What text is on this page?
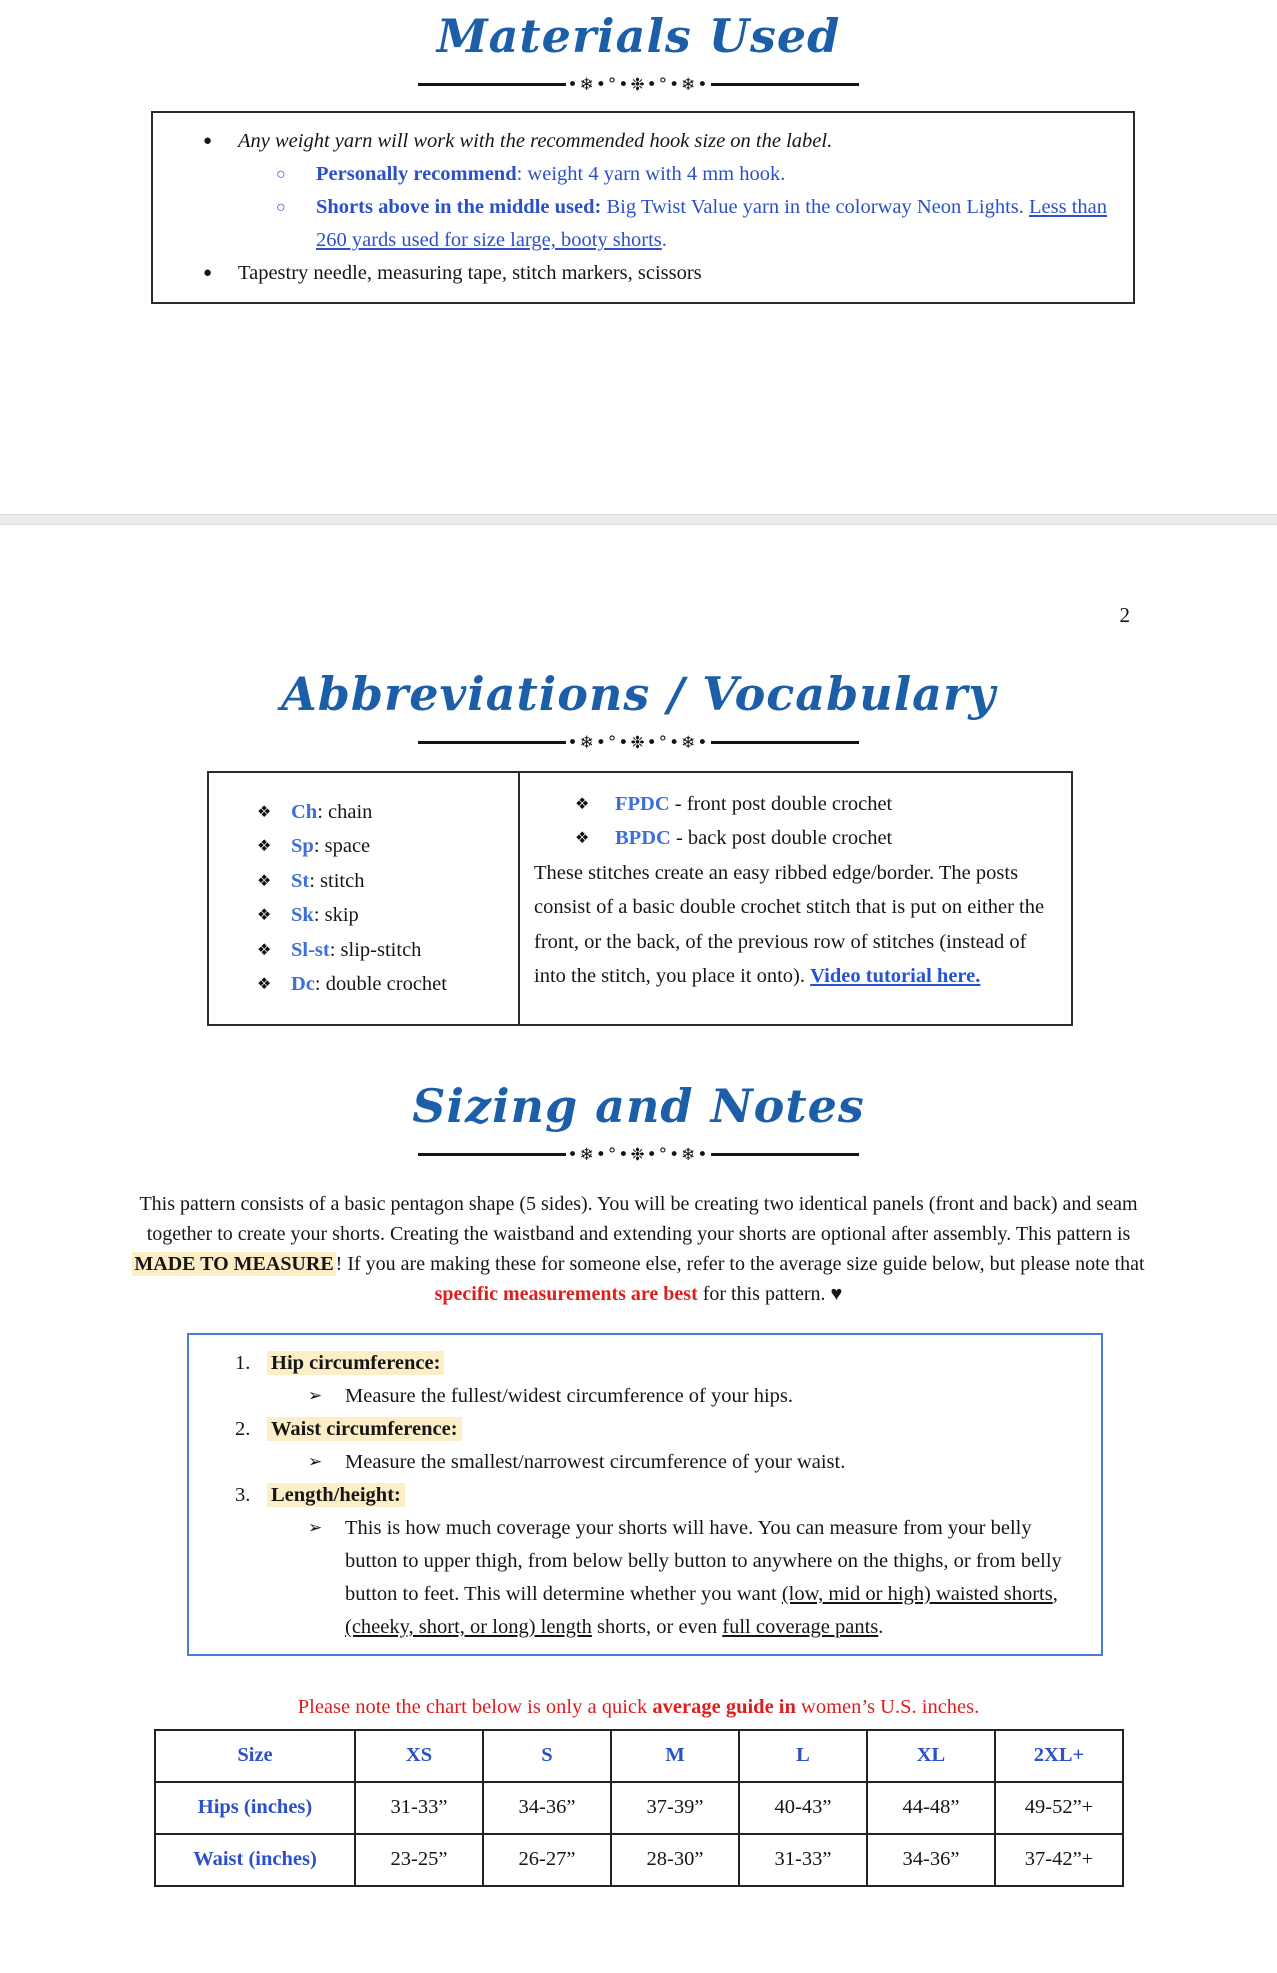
Materials Used
•❄•°•❉•°•❄•
●	Any weight yarn will work with the recommended hook size on the label.
○	Personally recommend: weight 4 yarn with 4 mm hook.
○	Shorts above in the middle used: Big Twist Value yarn in the colorway Neon Lights. Less than 260 yards used for size large, booty shorts.
●	Tapestry needle, measuring tape, stitch markers, scissors
2
Abbreviations / Vocabulary
•❄•°•❉•°•❄•
❖ Ch: chain
❖ Sp: space
❖ St: stitch
❖ Sk: skip
❖ Sl-st: slip-stitch
❖ Dc: double crochet
❖	FPDC - front post double crochet
❖	BPDC - back post double crochet
These stitches create an easy ribbed edge/border. The posts consist of a basic double crochet stitch that is put on either the front, or the back, of the previous row of stitches (instead of into the stitch, you place it onto). Video tutorial here.
Sizing and Notes
•❄•°•❉•°•❄•
This pattern consists of a basic pentagon shape (5 sides). You will be creating two identical panels (front and back) and seam together to create your shorts. Creating the waistband and extending your shorts are optional after assembly. This pattern is MADE TO MEASURE ! If you are making these for someone else, refer to the average size guide below, but please note that specific measurements are best for this pattern. ♥
1.	Hip circumference:
➢	Measure the fullest/widest circumference of your hips.
2.	Waist circumference:
➢	Measure the smallest/narrowest circumference of your waist.
3.	Length/height:
➢	This is how much coverage your shorts will have. You can measure from your belly button to upper thigh, from below belly button to anywhere on the thighs, or from belly button to feet. This will determine whether you want (low, mid or high) waisted shorts, (cheeky, short, or long) length shorts, or even full coverage pants.
Please note the chart below is only a quick average guide in women’s U.S. inches.
Size	XS	S	M	L	XL	2XL+
Hips (inches)	31-33”	34-36”	37-39”	40-43”	44-48”	49-52”+
Waist (inches)	23-25”	26-27”	28-30”	31-33”	34-36”	37-42”+
